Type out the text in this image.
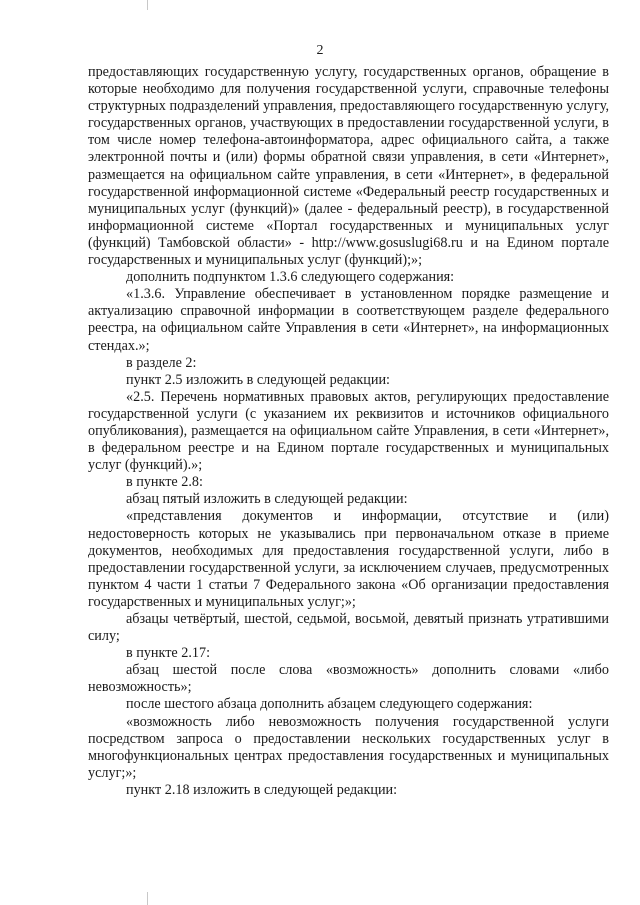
2

предоставляющих государственную услугу, государственных органов, обращение в которые необходимо для получения государственной услуги, справочные телефоны структурных подразделений управления, предоставляющего государственную услугу, государственных органов, участвующих в предоставлении государственной услуги, в том числе номер телефона-автоинформатора, адрес официального сайта, а также электронной почты и (или) формы обратной связи управления, в сети «Интернет», размещается на официальном сайте управления, в сети «Интернет», в федеральной государственной информационной системе «Федеральный реестр государственных и муниципальных услуг (функций)» (далее - федеральный реестр), в государственной информационной системе «Портал государственных и муниципальных услуг (функций) Тамбовской области» - http://www.gosuslugi68.ru и на Едином портале государственных и муниципальных услуг (функций);»;

дополнить подпунктом 1.3.6 следующего содержания:

«1.3.6. Управление обеспечивает в установленном порядке размещение и актуализацию справочной информации в соответствующем разделе федерального реестра, на официальном сайте Управления в сети «Интернет», на информационных стендах.»;

в разделе 2:

пункт 2.5 изложить в следующей редакции:

«2.5. Перечень нормативных правовых актов, регулирующих предоставление государственной услуги (с указанием их реквизитов и источников официального опубликования), размещается на официальном сайте Управления, в сети «Интернет», в федеральном реестре и на Едином портале государственных и муниципальных услуг (функций).»;

в пункте 2.8:

абзац пятый изложить в следующей редакции:

«представления документов и информации, отсутствие и (или) недостоверность которых не указывались при первоначальном отказе в приеме документов, необходимых для предоставления государственной услуги, либо в предоставлении государственной услуги, за исключением случаев, предусмотренных пунктом 4 части 1 статьи 7 Федерального закона «Об организации предоставления государственных и муниципальных услуг;»;

абзацы четвёртый, шестой, седьмой, восьмой, девятый признать утратившими силу;

в пункте 2.17:

абзац шестой после слова «возможность» дополнить словами «либо невозможность»;

после шестого абзаца дополнить абзацем следующего содержания:

«возможность либо невозможность получения государственной услуги посредством запроса о предоставлении нескольких государственных услуг в многофункциональных центрах предоставления государственных и муниципальных услуг;»;

пункт 2.18 изложить в следующей редакции:
